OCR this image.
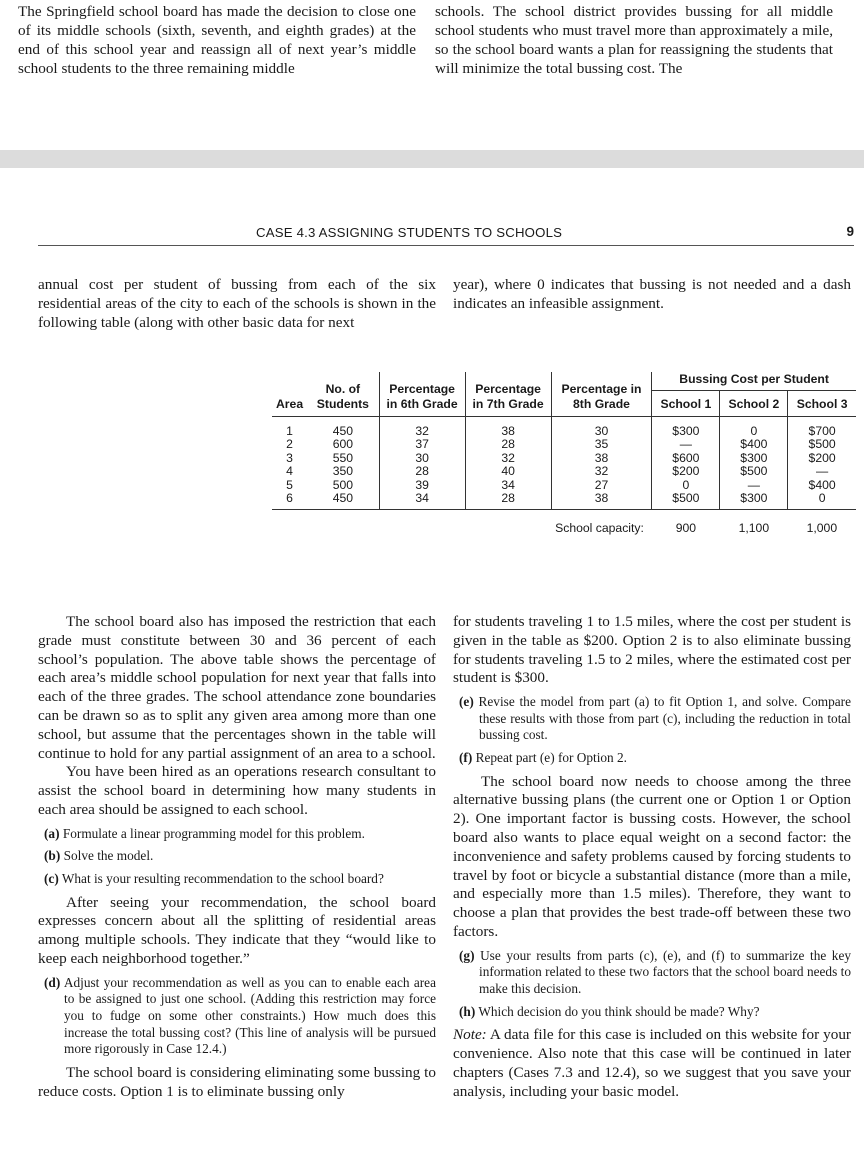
The Springfield school board has made the decision to close one of its middle schools (sixth, seventh, and eighth grades) at the end of this school year and reassign all of next year’s middle school students to the three remaining middle
schools. The school district provides bussing for all middle school students who must travel more than approximately a mile, so the school board wants a plan for reassigning the students that will minimize the total bussing cost. The
CASE 4.3 ASSIGNING STUDENTS TO SCHOOLS	9
annual cost per student of bussing from each of the six residential areas of the city to each of the schools is shown in the following table (along with other basic data for next
year), where 0 indicates that bussing is not needed and a dash indicates an infeasible assignment.
Area	No. of Students	Percentage in 6th Grade	Percentage in 7th Grade	Percentage in 8th Grade	Bussing Cost per Student		
					School 1	School 2	School 3
1	450	32	38	30	$300	0	$700
2	600	37	28	35	—	$400	$500
3	550	30	32	38	$600	$300	$200
4	350	28	40	32	$200	$500	—
5	500	39	34	27	0	—	$400
6	450	34	28	38	$500	$300	0
				School capacity:	900	1,100	1,000

The school board also has imposed the restriction that each grade must constitute between 30 and 36 percent of each school’s population. The above table shows the percentage of each area’s middle school population for next year that falls into each of the three grades. The school attendance zone boundaries can be drawn so as to split any given area among more than one school, but assume that the percentages shown in the table will continue to hold for any partial assignment of an area to a school.

You have been hired as an operations research consultant to assist the school board in determining how many students in each area should be assigned to each school.

(a) Formulate a linear programming model for this problem.

(b) Solve the model.

(c) What is your resulting recommendation to the school board?

After seeing your recommendation, the school board expresses concern about all the splitting of residential areas among multiple schools. They indicate that they “would like to keep each neighborhood together.”

(d) Adjust your recommendation as well as you can to enable each area to be assigned to just one school. (Adding this restriction may force you to fudge on some other constraints.) How much does this increase the total bussing cost? (This line of analysis will be pursued more rigorously in Case 12.4.)

The school board is considering eliminating some bussing to reduce costs. Option 1 is to eliminate bussing only

for students traveling 1 to 1.5 miles, where the cost per student is given in the table as $200. Option 2 is to also eliminate bussing for students traveling 1.5 to 2 miles, where the estimated cost per student is $300.

(e) Revise the model from part (a) to fit Option 1, and solve. Compare these results with those from part (c), including the reduction in total bussing cost.

(f) Repeat part (e) for Option 2.

The school board now needs to choose among the three alternative bussing plans (the current one or Option 1 or Option 2). One important factor is bussing costs. However, the school board also wants to place equal weight on a second factor: the inconvenience and safety problems caused by forcing students to travel by foot or bicycle a substantial distance (more than a mile, and especially more than 1.5 miles). Therefore, they want to choose a plan that provides the best trade-off between these two factors.

(g) Use your results from parts (c), (e), and (f) to summarize the key information related to these two factors that the school board needs to make this decision.

(h) Which decision do you think should be made? Why?

Note: A data file for this case is included on this website for your convenience. Also note that this case will be continued in later chapters (Cases 7.3 and 12.4), so we suggest that you save your analysis, including your basic model.
